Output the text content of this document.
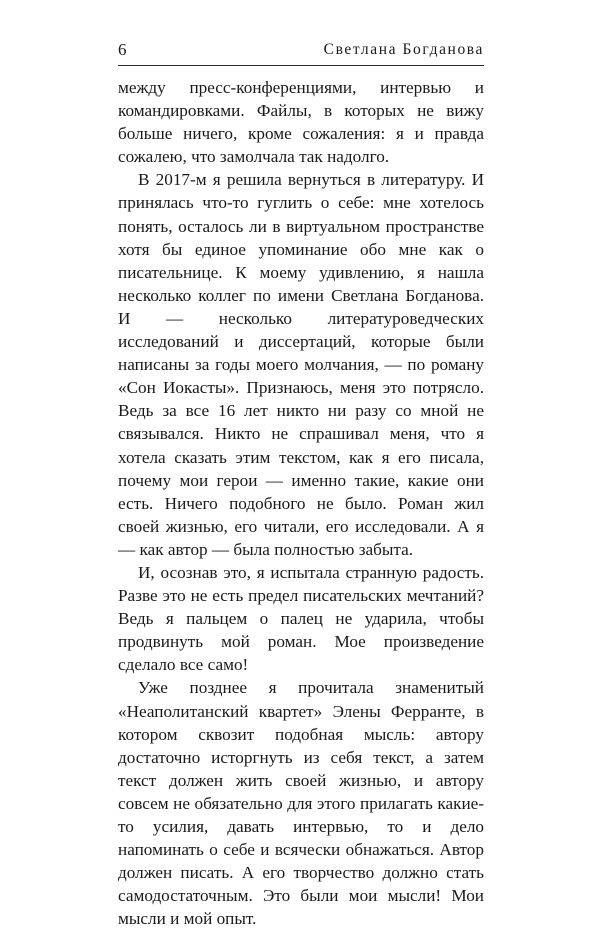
6	Светлана Богданова

между пресс-конференциями, интервью и командировками. Файлы, в которых не вижу больше ничего, кроме сожаления: я и правда сожалею, что замолчала так надолго.

В 2017-м я решила вернуться в литературу. И принялась что-то гуглить о себе: мне хотелось понять, осталось ли в виртуальном пространстве хотя бы единое упоминание обо мне как о писательнице. К моему удивлению, я нашла несколько коллег по имени Светлана Богданова. И — несколько литературоведческих исследований и диссертаций, которые были написаны за годы моего молчания, — по роману «Сон Иокасты». Признаюсь, меня это потрясло. Ведь за все 16 лет никто ни разу со мной не связывался. Никто не спрашивал меня, что я хотела сказать этим текстом, как я его писала, почему мои герои — именно такие, какие они есть. Ничего подобного не было. Роман жил своей жизнью, его читали, его исследовали. А я — как автор — была полностью забыта.

И, осознав это, я испытала странную радость. Разве это не есть предел писательских мечтаний? Ведь я пальцем о палец не ударила, чтобы продвинуть мой роман. Мое произведение сделало все само!

Уже позднее я прочитала знаменитый «Неаполитанский квартет» Элены Ферранте, в котором сквозит подобная мысль: автору достаточно исторгнуть из себя текст, а затем текст должен жить своей жизнью, и автору совсем не обязательно для этого прилагать какие-то усилия, давать интервью, то и дело напоминать о себе и всячески обнажаться. Автор должен писать. А его творчество должно стать самодостаточным. Это были мои мысли! Мои мысли и мой опыт.
